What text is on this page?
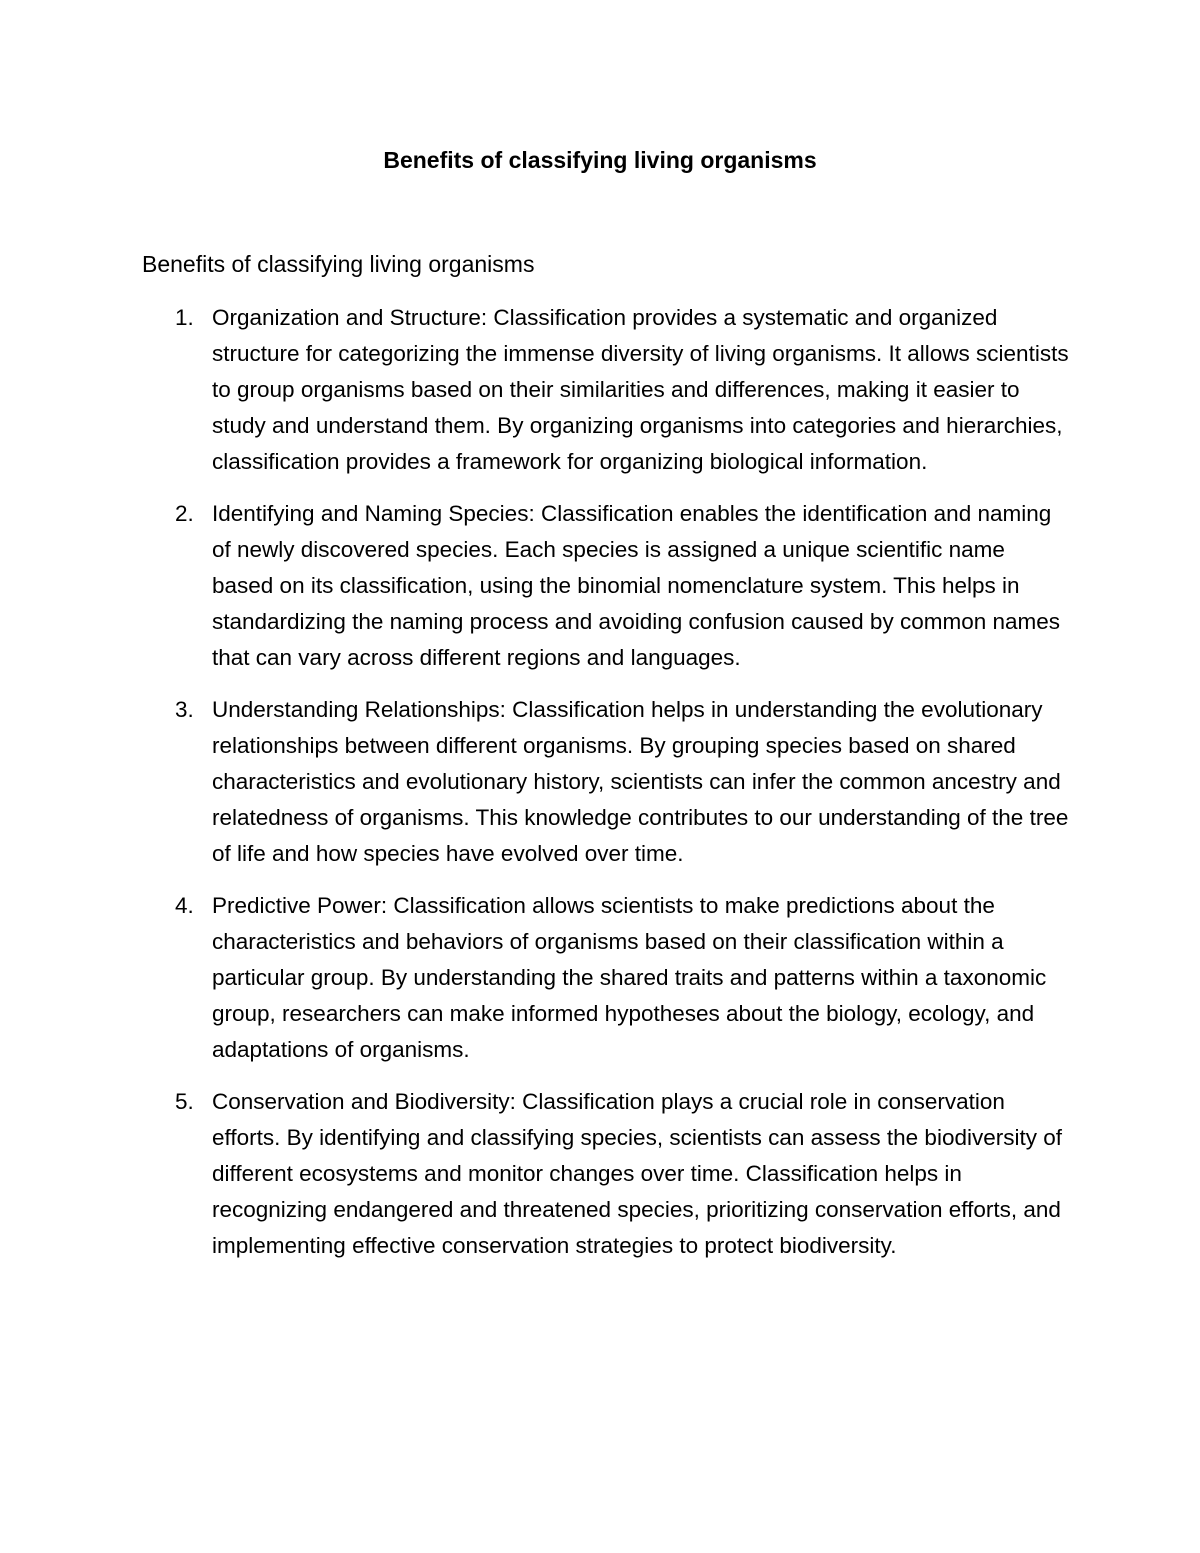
Benefits of classifying living organisms

Benefits of classifying living organisms

1. Organization and Structure: Classification provides a systematic and organized structure for categorizing the immense diversity of living organisms. It allows scientists to group organisms based on their similarities and differences, making it easier to study and understand them. By organizing organisms into categories and hierarchies, classification provides a framework for organizing biological information.
2. Identifying and Naming Species: Classification enables the identification and naming of newly discovered species. Each species is assigned a unique scientific name based on its classification, using the binomial nomenclature system. This helps in standardizing the naming process and avoiding confusion caused by common names that can vary across different regions and languages.
3. Understanding Relationships: Classification helps in understanding the evolutionary relationships between different organisms. By grouping species based on shared characteristics and evolutionary history, scientists can infer the common ancestry and relatedness of organisms. This knowledge contributes to our understanding of the tree of life and how species have evolved over time.
4. Predictive Power: Classification allows scientists to make predictions about the characteristics and behaviors of organisms based on their classification within a particular group. By understanding the shared traits and patterns within a taxonomic group, researchers can make informed hypotheses about the biology, ecology, and adaptations of organisms.
5. Conservation and Biodiversity: Classification plays a crucial role in conservation efforts. By identifying and classifying species, scientists can assess the biodiversity of different ecosystems and monitor changes over time. Classification helps in recognizing endangered and threatened species, prioritizing conservation efforts, and implementing effective conservation strategies to protect biodiversity.
